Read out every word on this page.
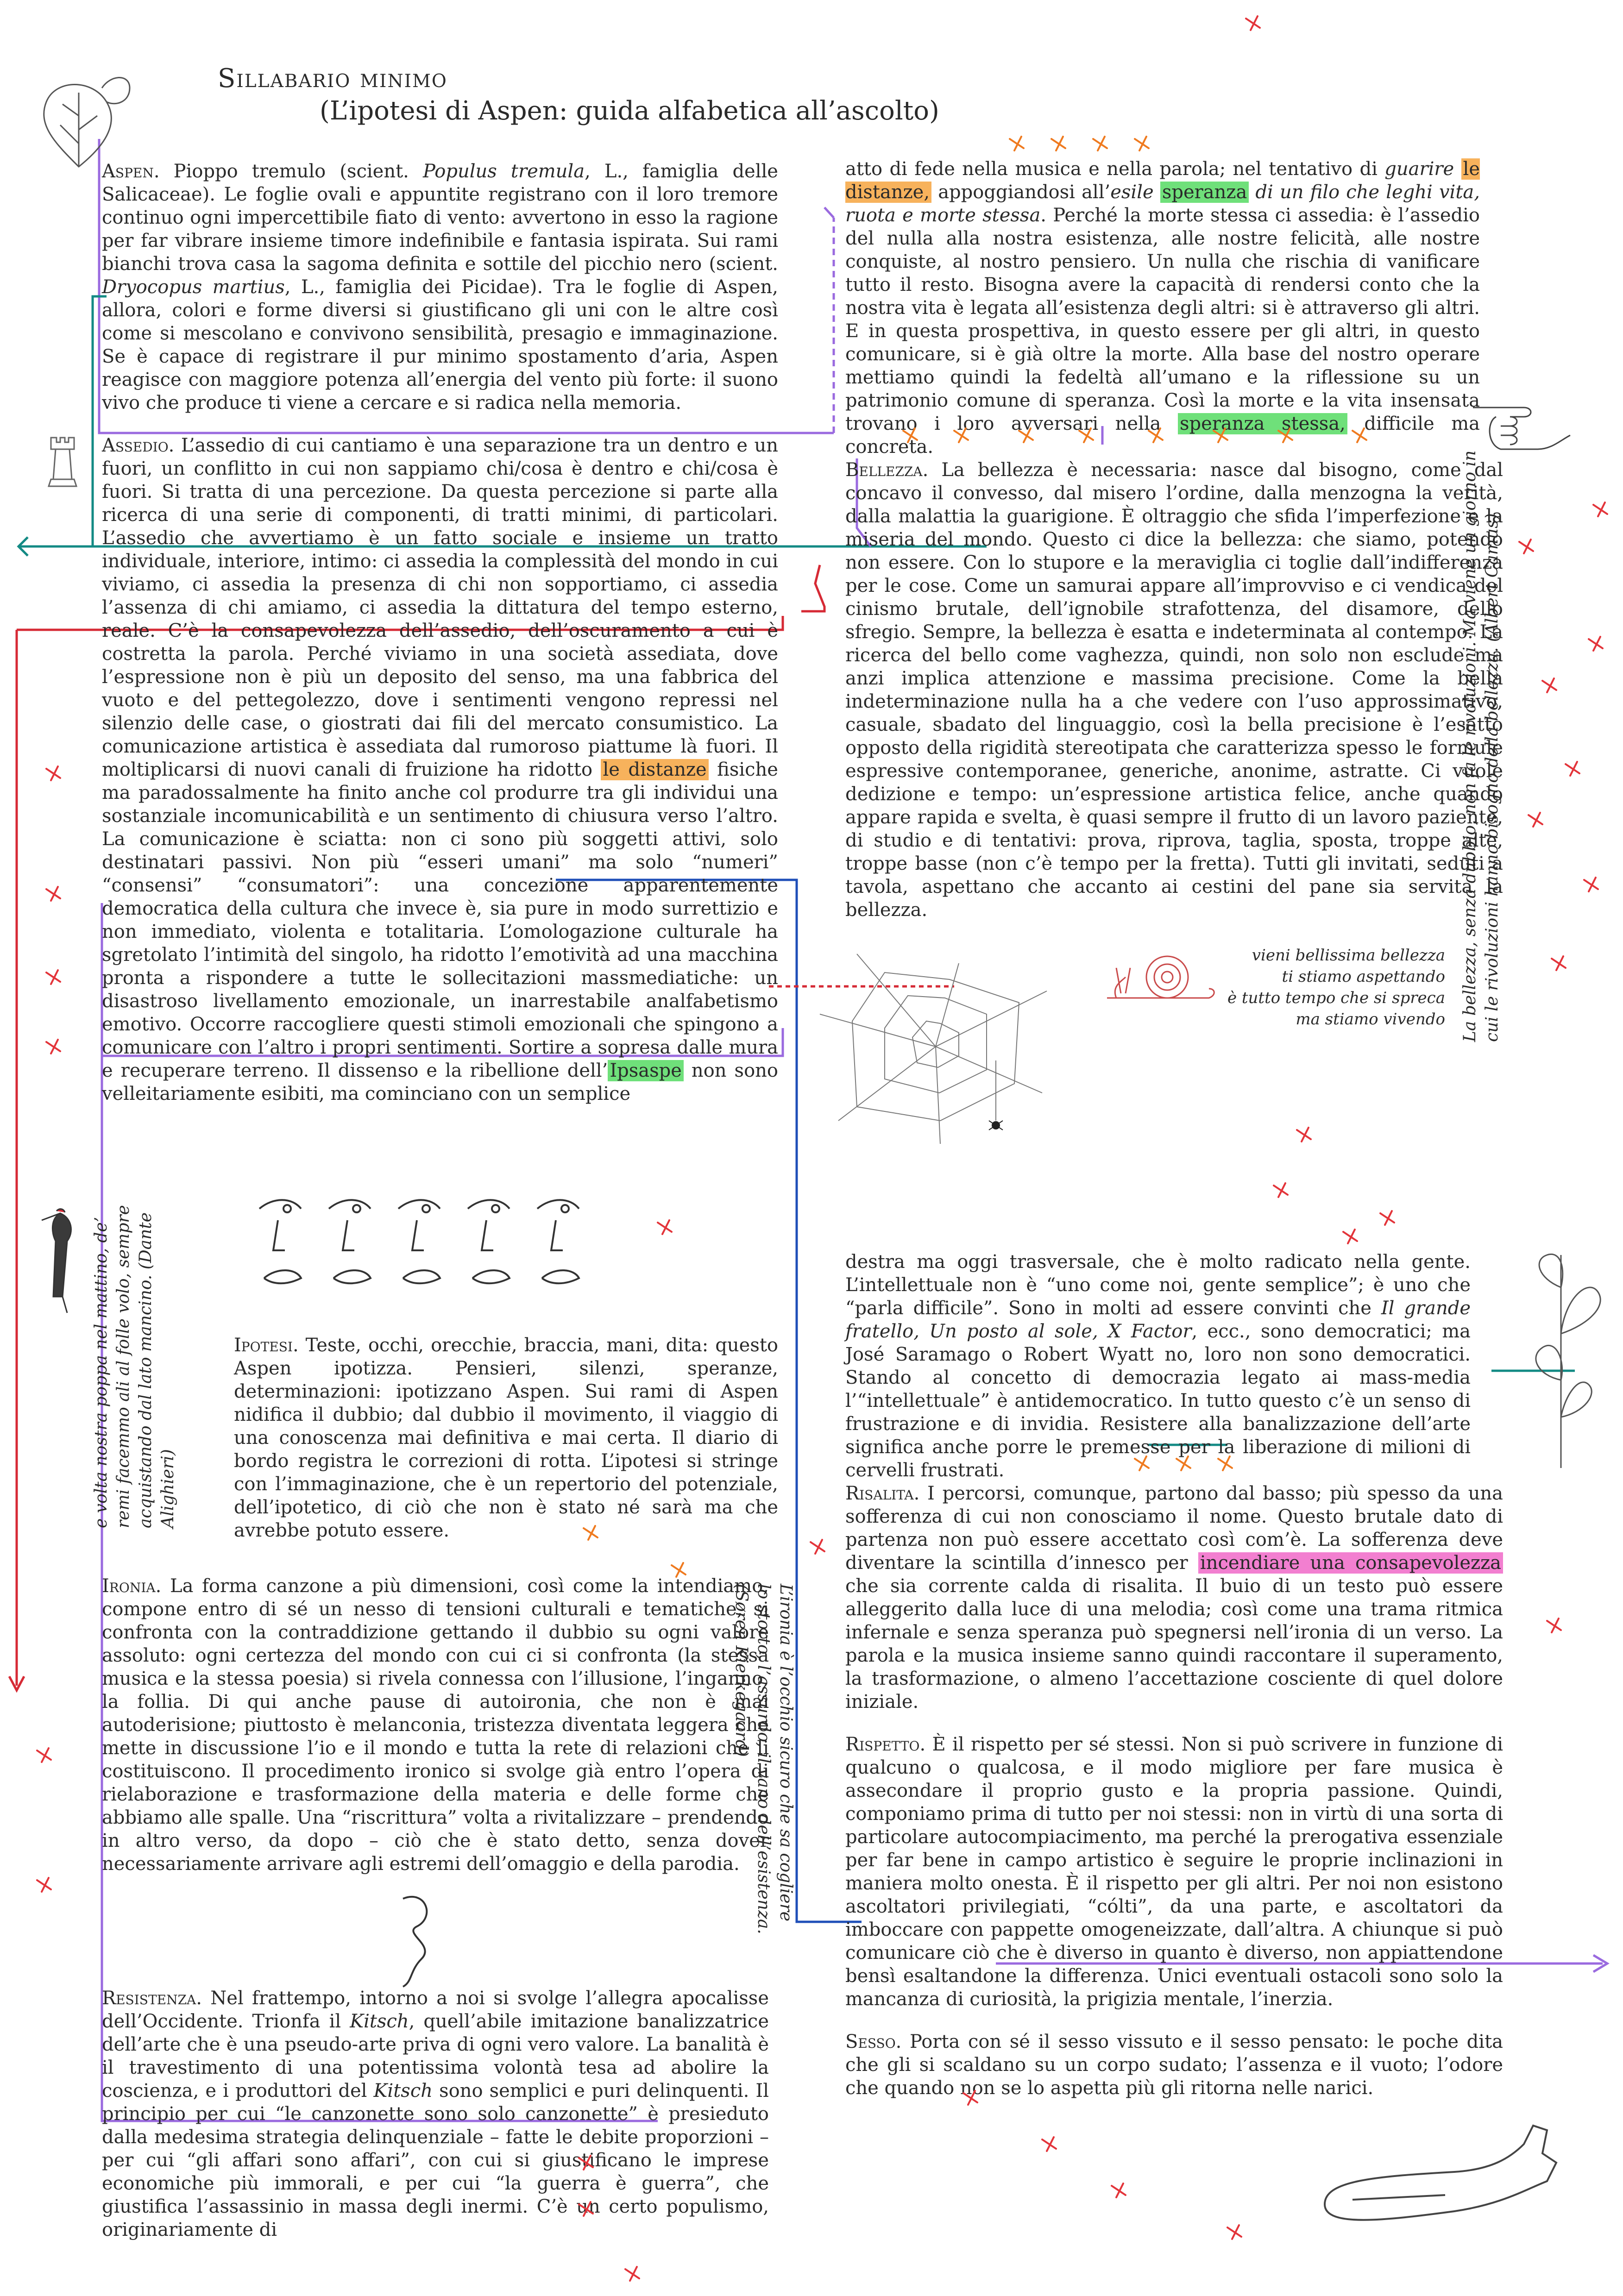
Sillabario minimo
(L’ipotesi di Aspen: guida alfabetica all’ascolto)

Aspen. Pioppo tremulo (scient. Populus tremula, L., famiglia delle Salicaceae). Le foglie ovali e appuntite registrano con il loro tremore continuo ogni impercettibile fiato di vento: avvertono in esso la ragione per far vibrare insieme timore indefinibile e fantasia ispirata. Sui rami bianchi trova casa la sagoma definita e sottile del picchio nero (scient. Dryocopus martius, L., famiglia dei Picidae). Tra le foglie di Aspen, allora, colori e forme diversi si giustificano gli uni con le altre così come si mescolano e convivono sensibilità, presagio e immaginazione. Se è capace di registrare il pur minimo spostamento d’aria, Aspen reagisce con maggiore potenza all’energia del vento più forte: il suono vivo che produce ti viene a cercare e si radica nella memoria.

Assedio. L’assedio di cui cantiamo è una separazione tra un dentro e un fuori, un conflitto in cui non sappiamo chi/cosa è dentro e chi/cosa è fuori. Si tratta di una percezione. Da questa percezione si parte alla ricerca di una serie di componenti, di tratti minimi, di particolari. L’assedio che avvertiamo è un fatto sociale e insieme un tratto individuale, interiore, intimo: ci assedia la complessità del mondo in cui viviamo, ci assedia la presenza di chi non sopportiamo, ci assedia l’assenza di chi amiamo, ci assedia la dittatura del tempo esterno, reale. C’è la consapevolezza dell’assedio, dell’oscuramento a cui è costretta la parola. Perché viviamo in una società assediata, dove l’espressione non è più un deposito del senso, ma una fabbrica del vuoto e del pettegolezzo, dove i sentimenti vengono repressi nel silenzio delle case, o giostrati dai fili del mercato consumistico. La comunicazione artistica è assediata dal rumoroso piattume là fuori. Il moltiplicarsi di nuovi canali di fruizione ha ridotto le distanze fisiche ma paradossalmente ha finito anche col produrre tra gli individui una sostanziale incomunicabilità e un sentimento di chiusura verso l’altro. La comunicazione è sciatta: non ci sono più soggetti attivi, solo destinatari passivi. Non più “esseri umani” ma solo “numeri” “consensi” “consumatori”: una concezione apparentemente democratica della cultura che invece è, sia pure in modo surrettizio e non immediato, violenta e totalitaria. L’omologazione culturale ha sgretolato l’intimità del singolo, ha ridotto l’emotività ad una macchina pronta a rispondere a tutte le sollecitazioni massmediatiche: un disastroso livellamento emozionale, un inarrestabile analfabetismo emotivo. Occorre raccogliere questi stimoli emozionali che spingono a comunicare con l’altro i propri sentimenti. Sortire a sopresa dalle mura e recuperare terreno. Il dissenso e la ribellione dell’ Ipsaspe non sono velleitariamente esibiti, ma cominciano con un semplice

Ipotesi. Teste, occhi, orecchie, braccia, mani, dita: questo Aspen ipotizza. Pensieri, silenzi, speranze, determinazioni: ipotizzano Aspen. Sui rami di Aspen nidifica il dubbio; dal dubbio il movimento, il viaggio di una conoscenza mai definitiva e mai certa. Il diario di bordo registra le correzioni di rotta. L’ipotesi si stringe con l’immaginazione, che è un repertorio del potenziale, dell’ipotetico, di ciò che non è stato né sarà ma che avrebbe potuto essere.

e volta nostra poppa nel mattino, de’ remi facemmo ali al folle volo, sempre acquistando dal lato mancino. (Dante Alighieri)

Ironia. La forma canzone a più dimensioni, così come la intendiamo, compone entro di sé un nesso di tensioni culturali e tematiche, si confronta con la contraddizione gettando il dubbio su ogni valore assoluto: ogni certezza del mondo con cui ci si confronta (la stessa musica e la stessa poesia) si rivela connessa con l’illusione, l’inganno, la follia. Di qui anche pause di autoironia, che non è mai autoderisione; piuttosto è melanconia, tristezza diventata leggera che mette in discussione l’io e il mondo e tutta la rete di relazioni che li costituiscono. Il procedimento ironico si svolge già entro l’opera di rielaborazione e trasformazione della materia e delle forme che abbiamo alle spalle. Una “riscrittura” volta a rivitalizzare – prendendo in altro verso, da dopo – ciò che è stato detto, senza dover necessariamente arrivare agli estremi dell’omaggio e della parodia.	L’ironia è l’occhio sicuro che sa cogliere lo storto, l’assurdo, il vano dell’esistenza. (Søren Kierkegaard)

Resistenza. Nel frattempo, intorno a noi si svolge l’allegra apocalisse dell’Occidente. Trionfa il Kitsch, quell’abile imitazione banalizzatrice dell’arte che è una pseudo-arte priva di ogni vero valore. La banalità è il travestimento di una potentissima volontà tesa ad abolire la coscienza, e i produttori del Kitsch sono semplici e puri delinquenti. Il principio per cui “le canzonette sono solo canzonette” è presieduto dalla medesima strategia delinquenziale – fatte le debite proporzioni – per cui “gli affari sono affari”, con cui si giustificano le imprese economiche più immorali, e per cui “la guerra è guerra”, che giustifica l’assassinio in massa degli inermi. C’è un certo populismo, originariamente di

atto di fede nella musica e nella parola; nel tentativo di guarire le distanze, appoggiandosi all’esile speranza di un filo che leghi vita, ruota e morte stessa. Perché la morte stessa ci assedia: è l’assedio del nulla alla nostra esistenza, alle nostre felicità, alle nostre conquiste, al nostro pensiero. Un nulla che rischia di vanificare tutto il resto. Bisogna avere la capacità di rendersi conto che la nostra vita è legata all’esistenza degli altri: si è attraverso gli altri. E in questa prospettiva, in questo essere per gli altri, in questo comunicare, si è già oltre la morte. Alla base del nostro operare mettiamo quindi la fedeltà all’umano e la riflessione su un patrimonio comune di speranza. Così la morte e la vita insensata trovano i loro avversari nella speranza stessa, difficile ma concreta.

Bellezza. La bellezza è necessaria: nasce dal bisogno, come dal concavo il convesso, dal misero l’ordine, dalla menzogna la verità, dalla malattia la guarigione. È oltraggio che sfida l’imperfezione e la miseria del mondo. Questo ci dice la bellezza: che siamo, potendo non essere. Con lo stupore e la meraviglia ci toglie dall’indifferenza per le cose. Come un samurai appare all’improvviso e ci vendica del cinismo brutale, dell’ignobile strafottenza, del disamore, dello sfregio. Sempre, la bellezza è esatta e indeterminata al contempo. La ricerca del bello come vaghezza, quindi, non solo non esclude ma anzi implica attenzione e massima precisione. Come la bella indeterminazione nulla ha a che vedere con l’uso approssimativo, casuale, sbadato del linguaggio, così la bella precisione è l’esatto opposto della rigidità stereotipata che caratterizza spesso le formule espressive contemporanee, generiche, anonime, astratte. Ci vuole dedizione e tempo: un’espressione artistica felice, anche quando appare rapida e svelta, è quasi sempre il frutto di un lavoro paziente, di studio e di tentativi: prova, riprova, taglia, sposta, troppe alte, troppe basse (non c’è tempo per la fretta). Tutti gli invitati, seduti a tavola, aspettano che accanto ai cestini del pane sia servita la bellezza.	La bellezza, senza dubbio, non fa le rivoluzioni. Ma viene un giorno in cui le rivoluzioni hanno bisogno della bellezza. (Albert Camus)
vieni bellissima bellezza
ti stiamo aspettando
è tutto tempo che si spreca
ma stiamo vivendo

destra ma oggi trasversale, che è molto radicato nella gente. L’intellettuale non è “uno come noi, gente semplice”; è uno che “parla difficile”. Sono in molti ad essere convinti che Il grande fratello, Un posto al sole, X Factor, ecc., sono democratici; ma José Saramago o Robert Wyatt no, loro non sono democratici. Stando al concetto di democrazia legato ai mass-media l’“intellettuale” è antidemocratico. In tutto questo c’è un senso di frustrazione e di invidia. Resistere alla banalizzazione dell’arte significa anche porre le premesse per la liberazione di milioni di cervelli frustrati.

Risalita. I percorsi, comunque, partono dal basso; più spesso da una sofferenza di cui non conosciamo il nome. Questo brutale dato di partenza non può essere accettato così com’è. La sofferenza deve diventare la scintilla d’innesco per incendiare una consapevolezza che sia corrente calda di risalita. Il buio di un testo può essere alleggerito dalla luce di una melodia; così come una trama ritmica infernale e senza speranza può spegnersi nell’ironia di un verso. La parola e la musica insieme sanno quindi raccontare il superamento, la trasformazione, o almeno l’accettazione cosciente di quel dolore iniziale.

Rispetto. È il rispetto per sé stessi. Non si può scrivere in funzione di qualcuno o qualcosa, e il modo migliore per fare musica è assecondare il proprio gusto e la propria passione. Quindi, componiamo prima di tutto per noi stessi: non in virtù di una sorta di particolare autocompiacimento, ma perché la prerogativa essenziale per far bene in campo artistico è seguire le proprie inclinazioni in maniera molto onesta. È il rispetto per gli altri. Per noi non esistono ascoltatori privilegiati, “cólti”, da una parte, e ascoltatori da imboccare con pappette omogeneizzate, dall’altra. A chiunque si può comunicare ciò che è diverso in quanto è diverso, non appiattendone bensì esaltandone la differenza. Unici eventuali ostacoli sono solo la mancanza di curiosità, la prigizia mentale, l’inerzia.

Sesso. Porta con sé il sesso vissuto e il sesso pensato: le poche dita che gli si scaldano su un corpo sudato; l’assenza e il vuoto; l’odore che quando non se lo aspetta più gli ritorna nelle narici.
